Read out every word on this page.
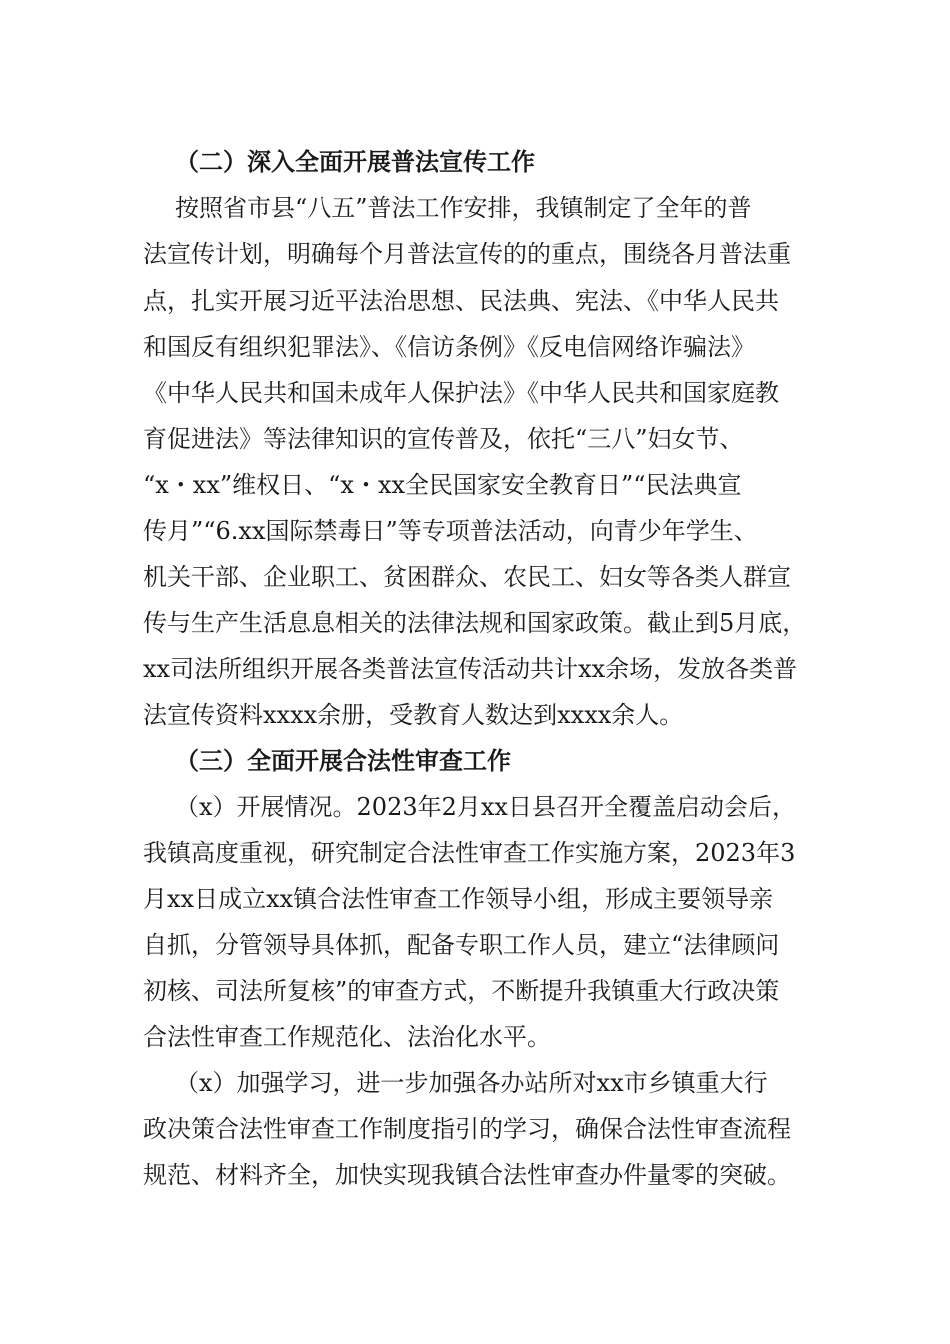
（二）深入全面开展普法宣传工作
按照省市县“八五”普法工作安排，我镇制定了全年的普
法宣传计划，明确每个月普法宣传的的重点，围绕各月普法重
点，扎实开展习近平法治思想、民法典、宪法、《中华人民共
和国反有组织犯罪法》、《信访条例》《反电信网络诈骗法》
《中华人民共和国未成年人保护法》《中华人民共和国家庭教
育促进法》等法律知识的宣传普及，依托“三八”妇女节、
“x・xx”维权日、“x・xx全民国家安全教育日”“民法典宣
传月”“6.xx国际禁毒日”等专项普法活动，向青少年学生、
机关干部、企业职工、贫困群众、农民工、妇女等各类人群宣
传与生产生活息息相关的法律法规和国家政策。截止到5月底，
xx司法所组织开展各类普法宣传活动共计xx余场，发放各类普
法宣传资料xxxx余册，受教育人数达到xxxx余人。
（三）全面开展合法性审查工作
（x）开展情况。2023年2月xx日县召开全覆盖启动会后，
我镇高度重视，研究制定合法性审查工作实施方案，2023年3
月xx日成立xx镇合法性审查工作领导小组，形成主要领导亲
自抓，分管领导具体抓，配备专职工作人员，建立“法律顾问
初核、司法所复核”的审查方式，不断提升我镇重大行政决策
合法性审查工作规范化、法治化水平。
（x）加强学习，进一步加强各办站所对xx市乡镇重大行
政决策合法性审查工作制度指引的学习，确保合法性审查流程
规范、材料齐全，加快实现我镇合法性审查办件量零的突破。
